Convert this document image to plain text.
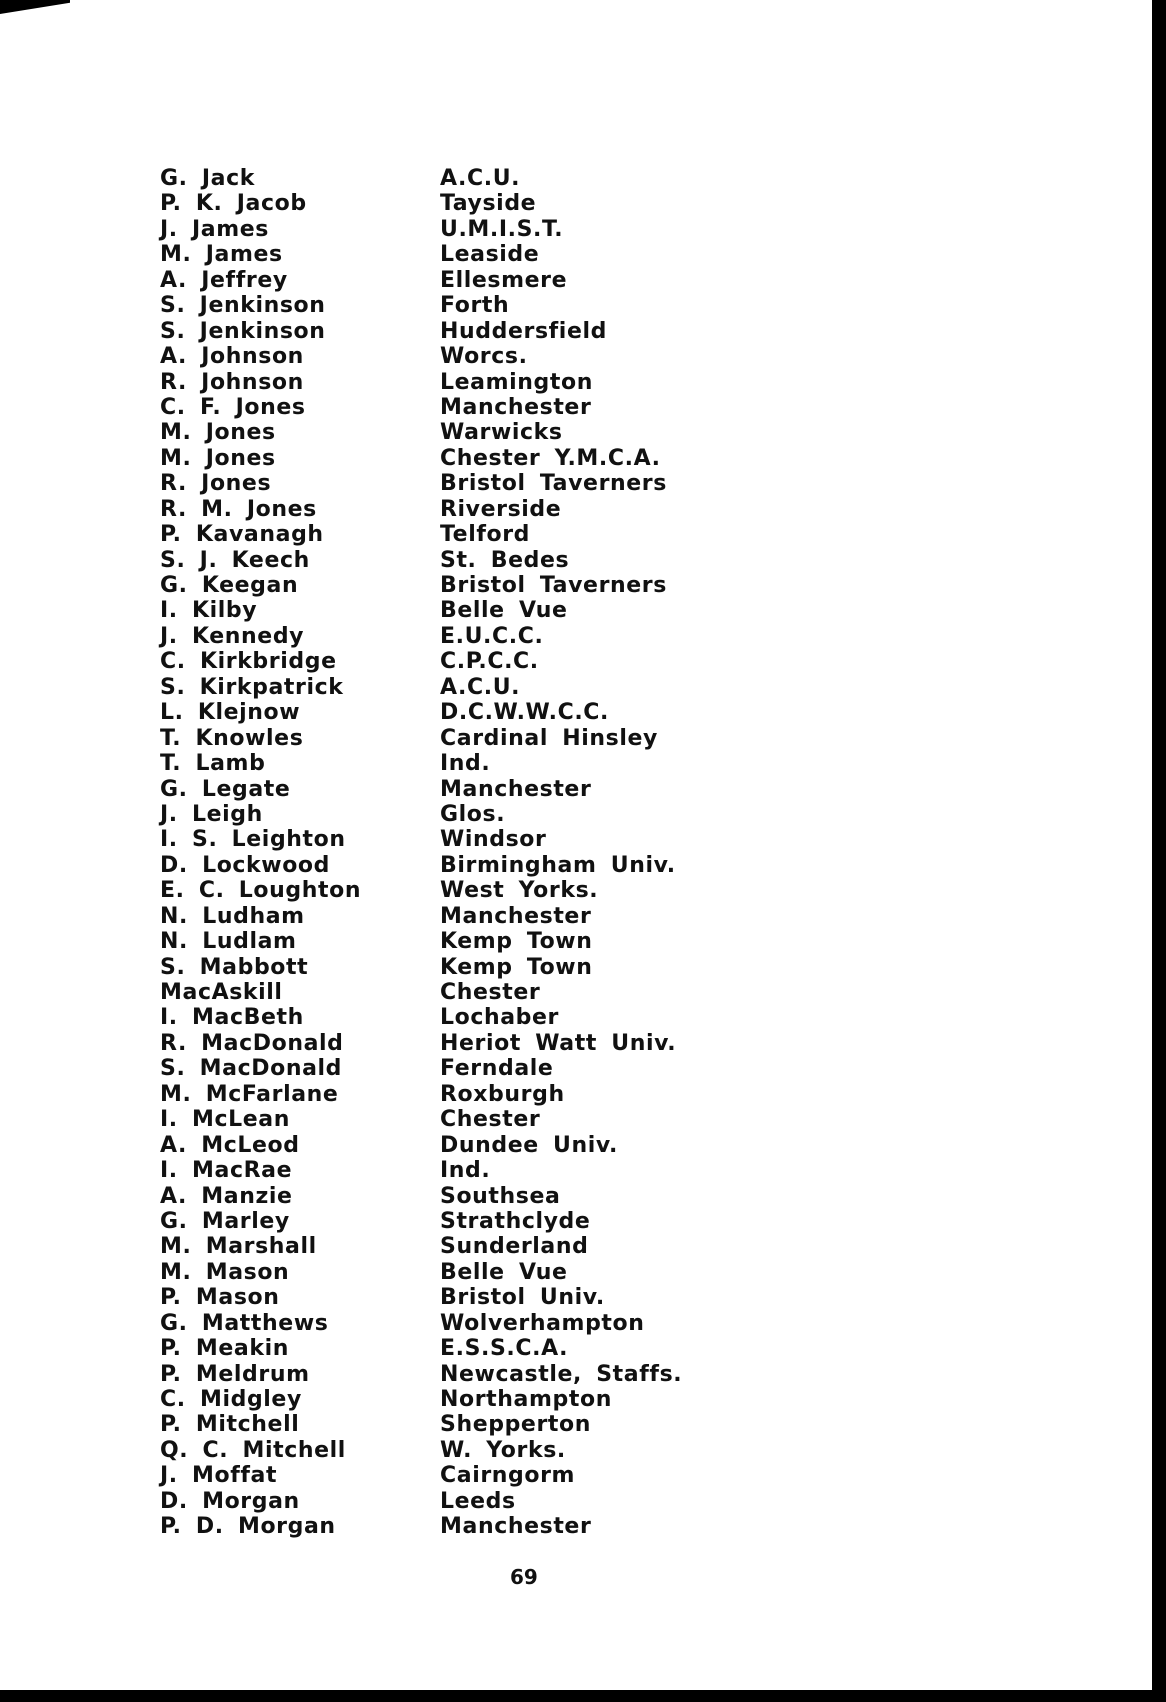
G. Jack	A.C.U.
P. K. Jacob	Tayside
J. James	U.M.I.S.T.
M. James	Leaside
A. Jeffrey	Ellesmere
S. Jenkinson	Forth
S. Jenkinson	Huddersfield
A. Johnson	Worcs.
R. Johnson	Leamington
C. F. Jones	Manchester
M. Jones	Warwicks
M. Jones	Chester Y.M.C.A.
R. Jones	Bristol Taverners
R. M. Jones	Riverside
P. Kavanagh	Telford
S. J. Keech	St. Bedes
G. Keegan	Bristol Taverners
I. Kilby	Belle Vue
J. Kennedy	E.U.C.C.
C. Kirkbridge	C.P.C.C.
S. Kirkpatrick	A.C.U.
L. Klejnow	D.C.W.W.C.C.
T. Knowles	Cardinal Hinsley
T. Lamb	Ind.
G. Legate	Manchester
J. Leigh	Glos.
I. S. Leighton	Windsor
D. Lockwood	Birmingham Univ.
E. C. Loughton	West Yorks.
N. Ludham	Manchester
N. Ludlam	Kemp Town
S. Mabbott	Kemp Town
MacAskill	Chester
I. MacBeth	Lochaber
R. MacDonald	Heriot Watt Univ.
S. MacDonald	Ferndale
M. McFarlane	Roxburgh
I. McLean	Chester
A. McLeod	Dundee Univ.
I. MacRae	Ind.
A. Manzie	Southsea
G. Marley	Strathclyde
M. Marshall	Sunderland
M. Mason	Belle Vue
P. Mason	Bristol Univ.
G. Matthews	Wolverhampton
P. Meakin	E.S.S.C.A.
P. Meldrum	Newcastle, Staffs.
C. Midgley	Northampton
P. Mitchell	Shepperton
Q. C. Mitchell	W. Yorks.
J. Moffat	Cairngorm
D. Morgan	Leeds
P. D. Morgan	Manchester
69
